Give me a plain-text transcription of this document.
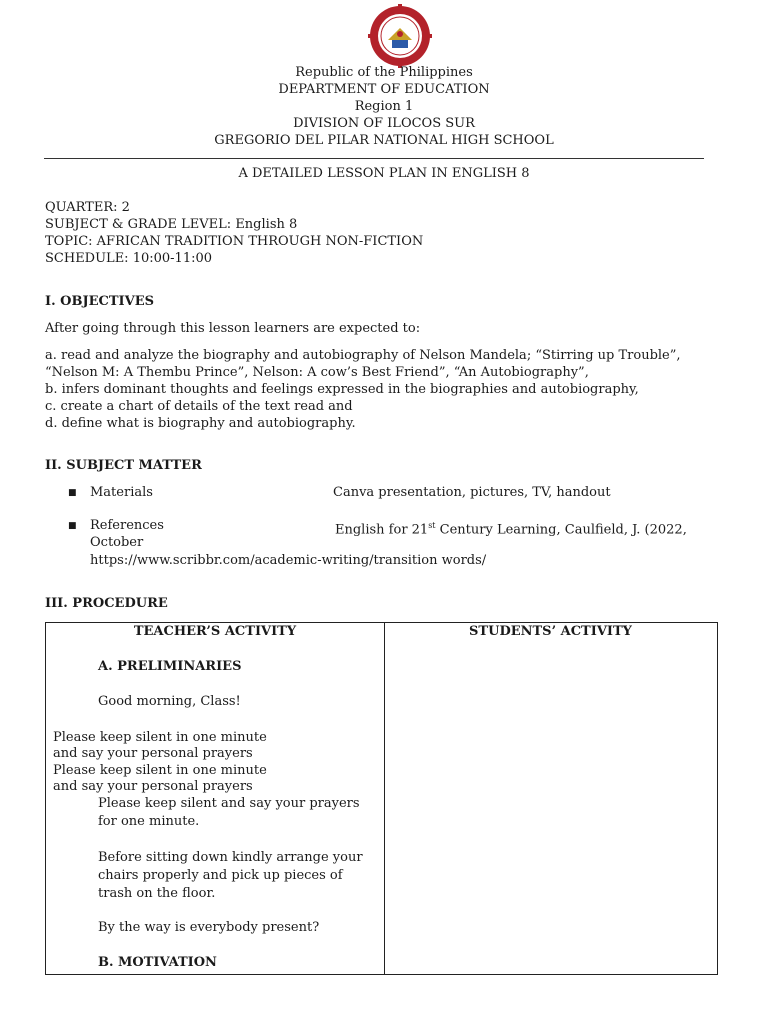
Republic of the Philippines
DEPARTMENT OF EDUCATION
Region 1
DIVISION OF ILOCOS SUR
GREGORIO DEL PILAR NATIONAL HIGH SCHOOL
A DETAILED LESSON PLAN IN ENGLISH 8
QUARTER: 2
SUBJECT & GRADE LEVEL: English 8
TOPIC: AFRICAN TRADITION THROUGH NON-FICTION
SCHEDULE: 10:00-11:00
I. OBJECTIVES
After going through this lesson learners are expected to:
a. read and analyze the biography and autobiography of Nelson Mandela; “Stirring up Trouble”,
“Nelson M: A Thembu Prince”, Nelson: A cow’s Best Friend”, “An Autobiography”,
b. infers dominant thoughts and feelings expressed in the biographies and autobiography,
c. create a chart of details of the text read and
d. define what is biography and autobiography.
II. SUBJECT MATTER
■ Materials	Canva presentation, pictures, TV, handout
■ References	English for 21st Century Learning, Caulfield, J. (2022,
October
https://www.scribbr.com/academic-writing/transition words/
III. PROCEDURE
TEACHER’S ACTIVITY	STUDENTS’ ACTIVITY
A. PRELIMINARIES
Good morning, Class!
Please keep silent in one minute
and say your personal prayers
Please keep silent in one minute
and say your personal prayers
Please keep silent and say your prayers
for one minute.
Before sitting down kindly arrange your
chairs properly and pick up pieces of
trash on the floor.
By the way is everybody present?
B. MOTIVATION
